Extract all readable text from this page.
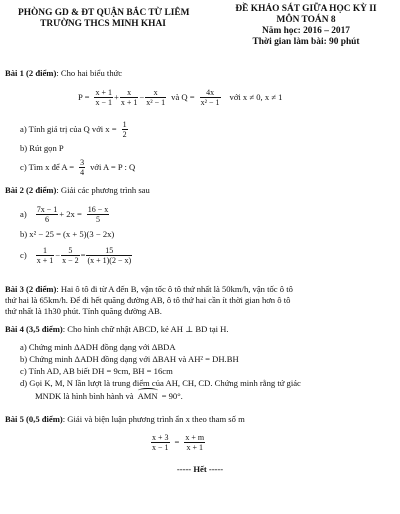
PHÒNG GD & ĐT QUẬN BẮC TỪ LIÊM
TRƯỜNG THCS MINH KHAI
ĐỀ KHẢO SÁT GIỮA HỌC KỲ II
MÔN TOÁN 8
Năm học: 2016 – 2017
Thời gian làm bài: 90 phút
Bài 1 (2 điểm): Cho hai biểu thức
$P = \frac{x + 1}{x - 1} + \frac{x}{x + 1} - \frac{x}{\text{x² − 1}}$ và $Q = \frac{4x}{\text{x² − 1}}$ với x ≠ 0, x ≠ 1
a) Tính giá trị của Q với $x = \frac{1}{2}$
b) Rút gọn P
c) Tìm x để $A = \frac{3}{4}$ với A = P : Q
Bài 2 (2 điểm): Giải các phương trình sau
$a) \frac{7x - 1}{6} + 2x = \frac{16 - x}{5}$
b) x² − 25 = (x + 5)(3 − 2x)
$c) \frac{1}{x + 1} - \frac{5}{x - 2} = \frac{15}{(x + 1)(2 - x)}$
Bài 3 (2 điểm): Hai ô tô đi từ A đến B, vận tốc ô tô thứ nhất là 50km/h, vận tốc ô tô
thứ hai là 65km/h. Để đi hết quãng đường AB, ô tô thứ hai cần ít thời gian hơn ô tô
thứ nhất là 1h30 phút. Tính quãng đường AB.
Bài 4 (3,5 điểm): Cho hình chữ nhật ABCD, kẻ AH ⊥ BD tại H.
a) Chứng minh ΔADH đồng dạng với ΔBDA
b) Chứng minh ΔADH đồng dạng với ΔBAH và AH² = DH.BH
c) Tính AD, AB biết DH = 9cm, BH = 16cm
d) Gọi K, M, N lần lượt là trung điểm của AH, CH, CD. Chứng minh rằng tứ giác
MNDK là hình bình hành và AMN = 90°.
Bài 5 (0,5 điểm): Giải và biện luận phương trình ẩn x theo tham số m
$\frac{x + 3}{x - 1} = \frac{x + m}{x + 1}$
----- Hết -----
